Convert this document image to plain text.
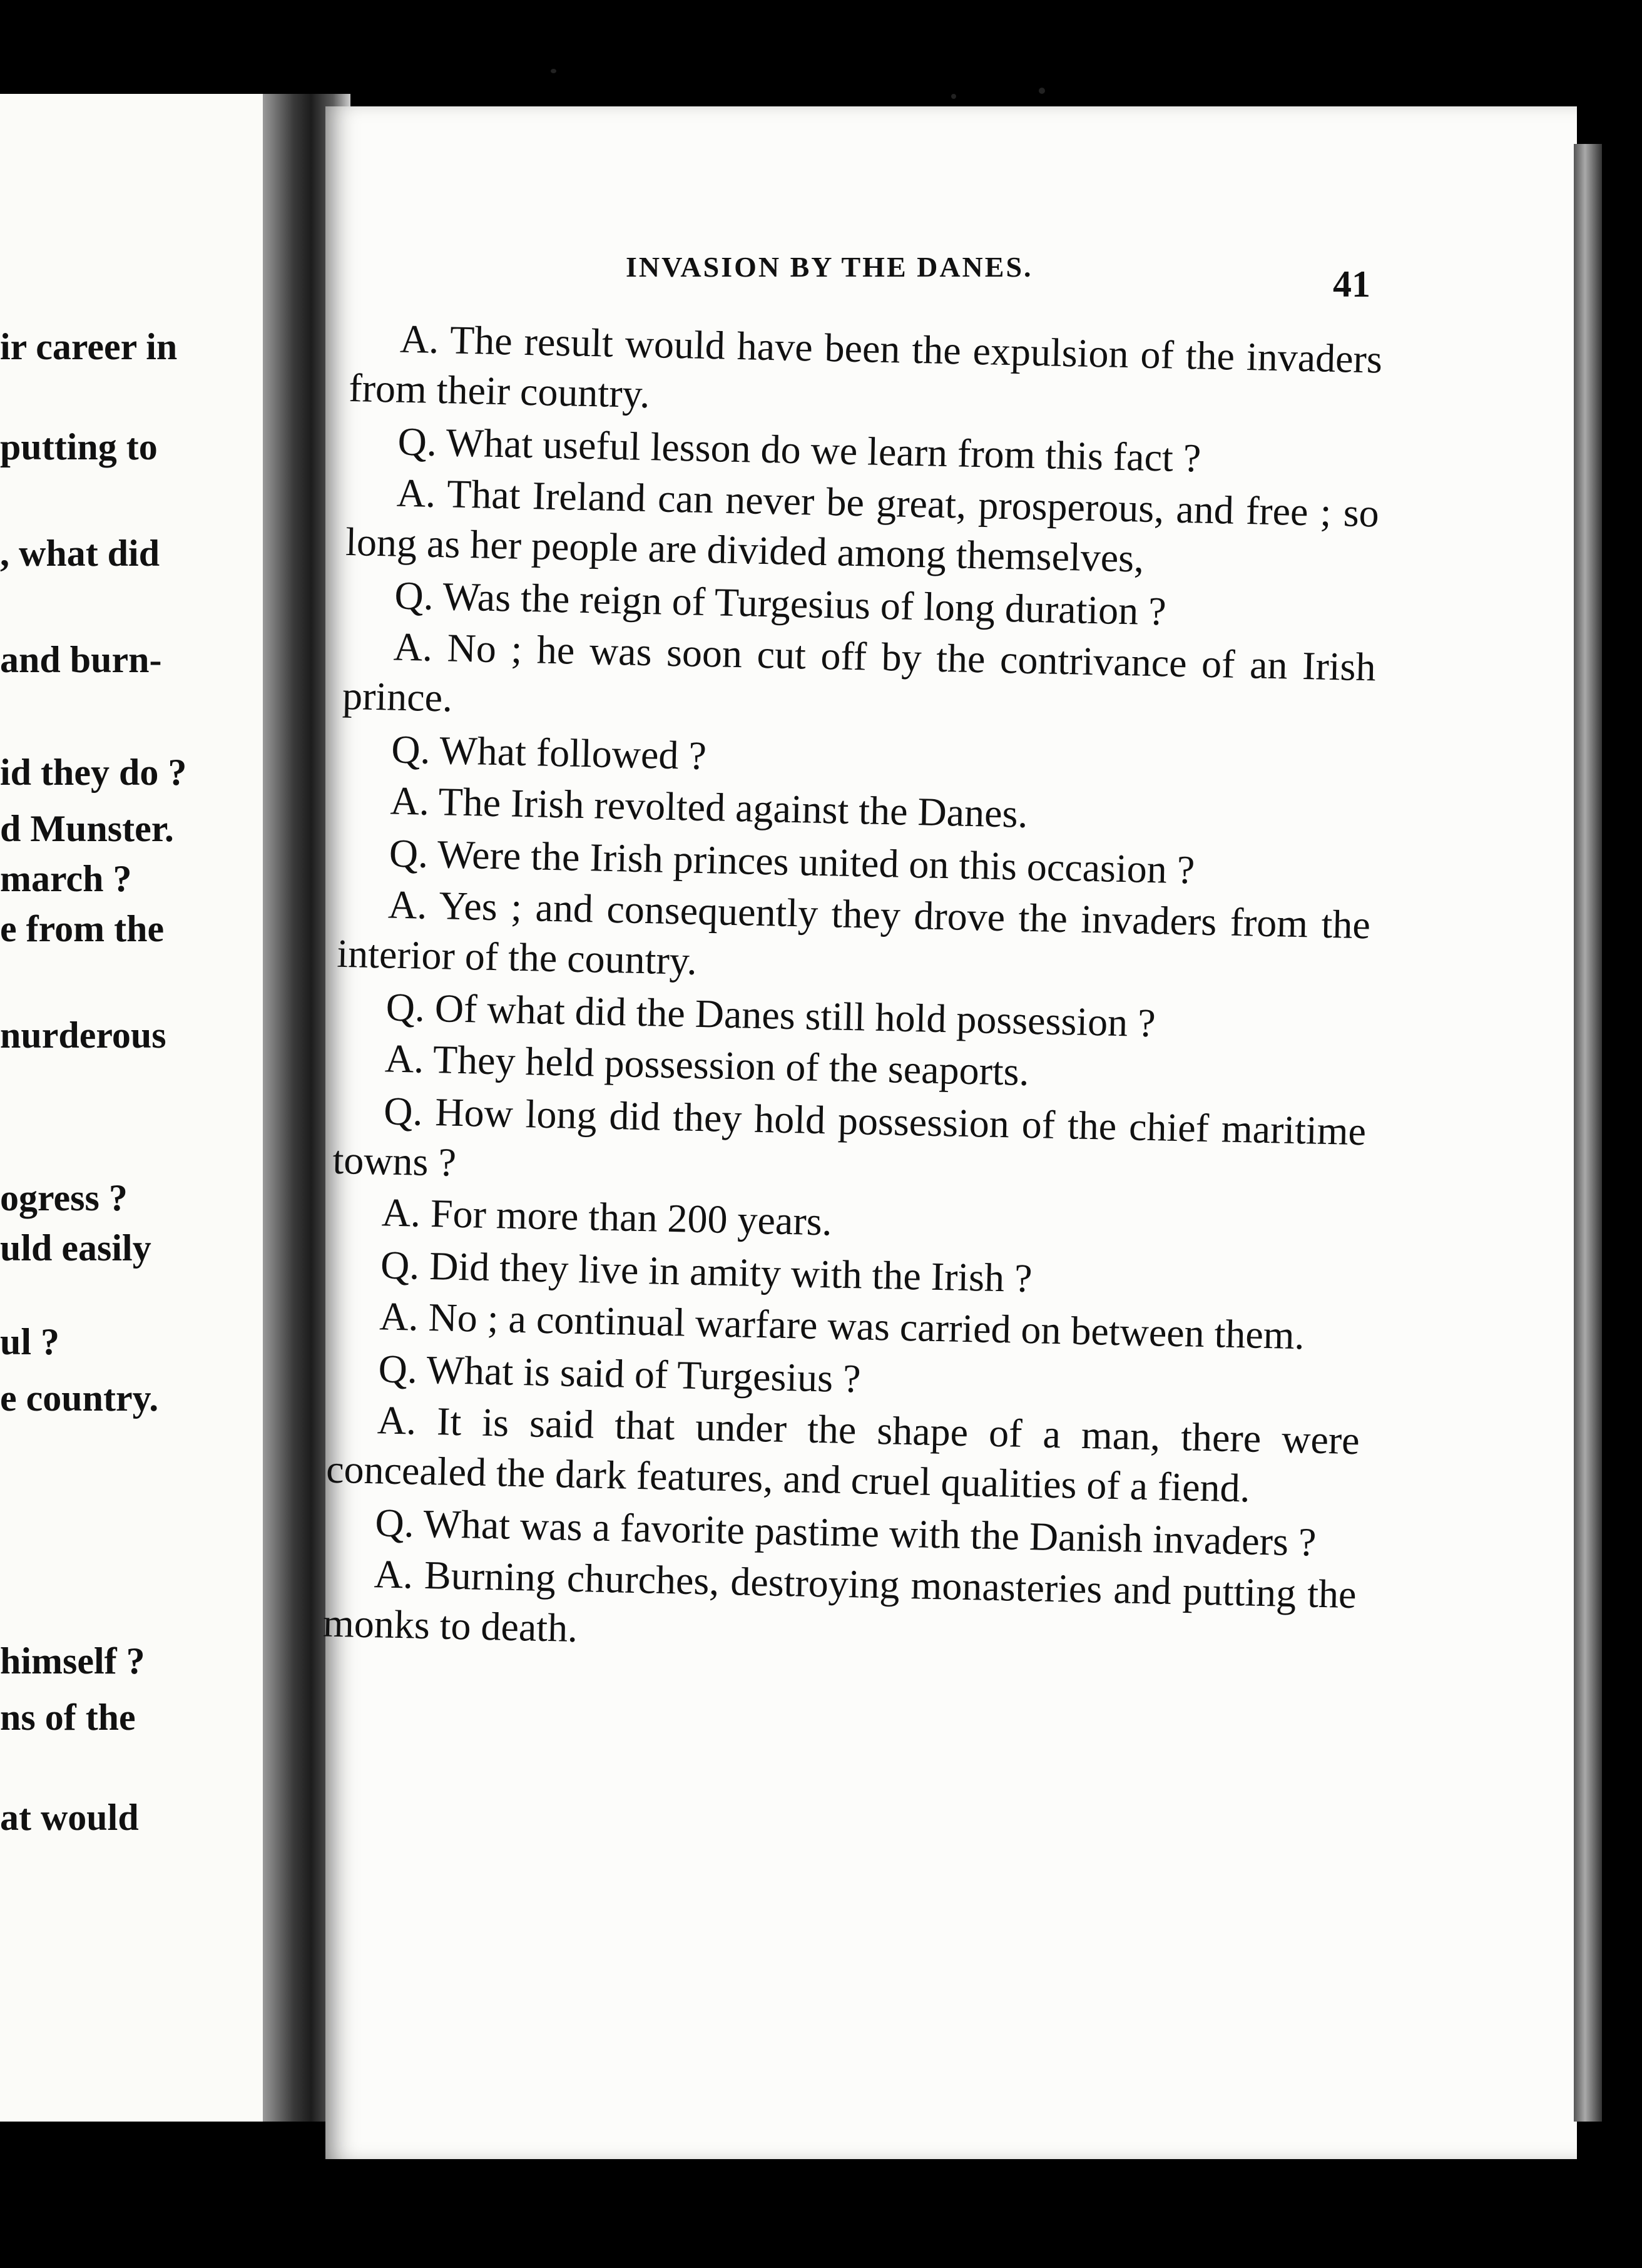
ir career in
putting to
, what did
and burn-
id they do ?
d Munster.
march ?
e from the
nurderous
ogress ?
uld easily
ul ?
e country.
himself ?
ns of the
at would
INVASION BY THE DANES.	41

A. The result would have been the expulsion of the invaders from their country.

Q. What useful lesson do we learn from this fact ?

A. That Ireland can never be great, prosperous, and free ; so long as her people are divided among themselves,

Q. Was the reign of Turgesius of long duration ?

A. No ; he was soon cut off by the contrivance of an Irish prince.

Q. What followed ?

A. The Irish revolted against the Danes.

Q. Were the Irish princes united on this occasion ?

A. Yes ; and consequently they drove the invaders from the interior of the country.

Q. Of what did the Danes still hold possession ?

A. They held possession of the seaports.

Q. How long did they hold possession of the chief maritime towns ?

A. For more than 200 years.

Q. Did they live in amity with the Irish ?

A. No ; a continual warfare was carried on between them.

Q. What is said of Turgesius ?

A. It is said that under the shape of a man, there were concealed the dark features, and cruel qualities of a fiend.

Q. What was a favorite pastime with the Danish invaders ?

A. Burning churches, destroying monasteries and putting the monks to death.
